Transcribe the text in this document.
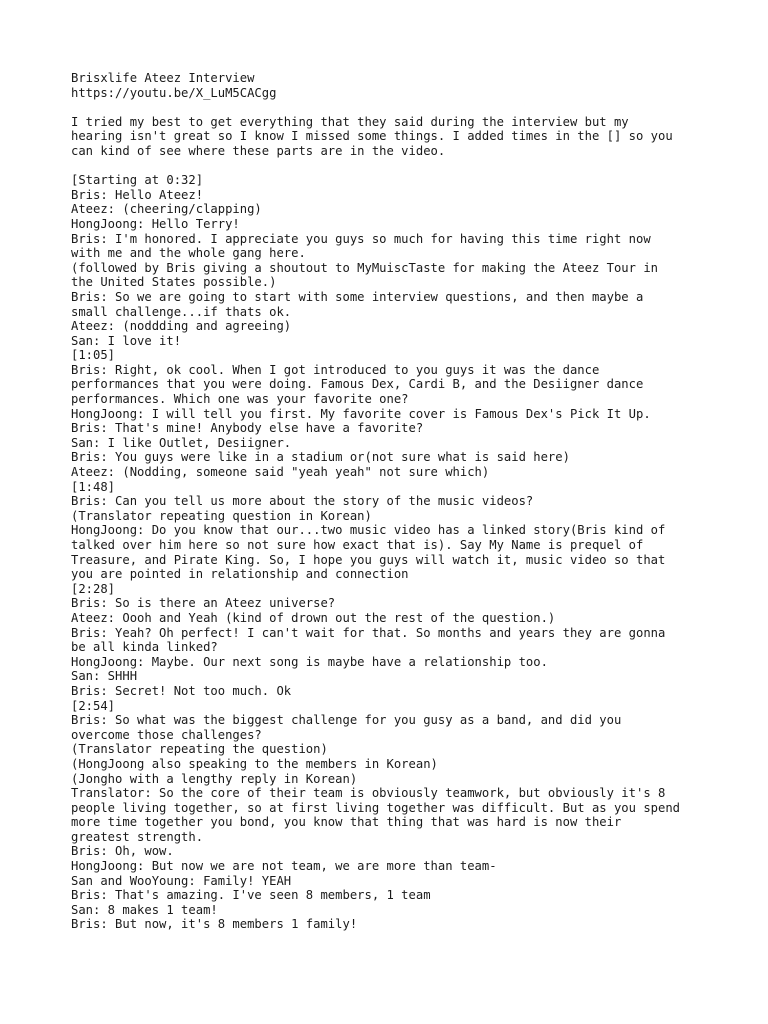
Brisxlife Ateez Interview
https://youtu.be/X_LuM5CACgg
I tried my best to get everything that they said during the interview but my
hearing isn't great so I know I missed some things. I added times in the [] so you
can kind of see where these parts are in the video.
[Starting at 0:32]
Bris: Hello Ateez!
Ateez: (cheering/clapping)
HongJoong: Hello Terry!
Bris: I'm honored. I appreciate you guys so much for having this time right now
with me and the whole gang here.
(followed by Bris giving a shoutout to MyMuiscTaste for making the Ateez Tour in
the United States possible.)
Bris: So we are going to start with some interview questions, and then maybe a
small challenge...if thats ok.
Ateez: (noddding and agreeing)
San: I love it!
[1:05]
Bris: Right, ok cool. When I got introduced to you guys it was the dance
performances that you were doing. Famous Dex, Cardi B, and the Desiigner dance
performances. Which one was your favorite one?
HongJoong: I will tell you first. My favorite cover is Famous Dex's Pick It Up.
Bris: That's mine! Anybody else have a favorite?
San: I like Outlet, Desiigner.
Bris: You guys were like in a stadium or(not sure what is said here)
Ateez: (Nodding, someone said "yeah yeah" not sure which)
[1:48]
Bris: Can you tell us more about the story of the music videos?
(Translator repeating question in Korean)
HongJoong: Do you know that our...two music video has a linked story(Bris kind of
talked over him here so not sure how exact that is). Say My Name is prequel of
Treasure, and Pirate King. So, I hope you guys will watch it, music video so that
you are pointed in relationship and connection
[2:28]
Bris: So is there an Ateez universe?
Ateez: Oooh and Yeah (kind of drown out the rest of the question.)
Bris: Yeah? Oh perfect! I can't wait for that. So months and years they are gonna
be all kinda linked?
HongJoong: Maybe. Our next song is maybe have a relationship too.
San: SHHH
Bris: Secret! Not too much. Ok
[2:54]
Bris: So what was the biggest challenge for you gusy as a band, and did you
overcome those challenges?
(Translator repeating the question)
(HongJoong also speaking to the members in Korean)
(Jongho with a lengthy reply in Korean)
Translator: So the core of their team is obviously teamwork, but obviously it's 8
people living together, so at first living together was difficult. But as you spend
more time together you bond, you know that thing that was hard is now their
greatest strength.
Bris: Oh, wow.
HongJoong: But now we are not team, we are more than team-
San and WooYoung: Family! YEAH
Bris: That's amazing. I've seen 8 members, 1 team
San: 8 makes 1 team!
Bris: But now, it's 8 members 1 family!
